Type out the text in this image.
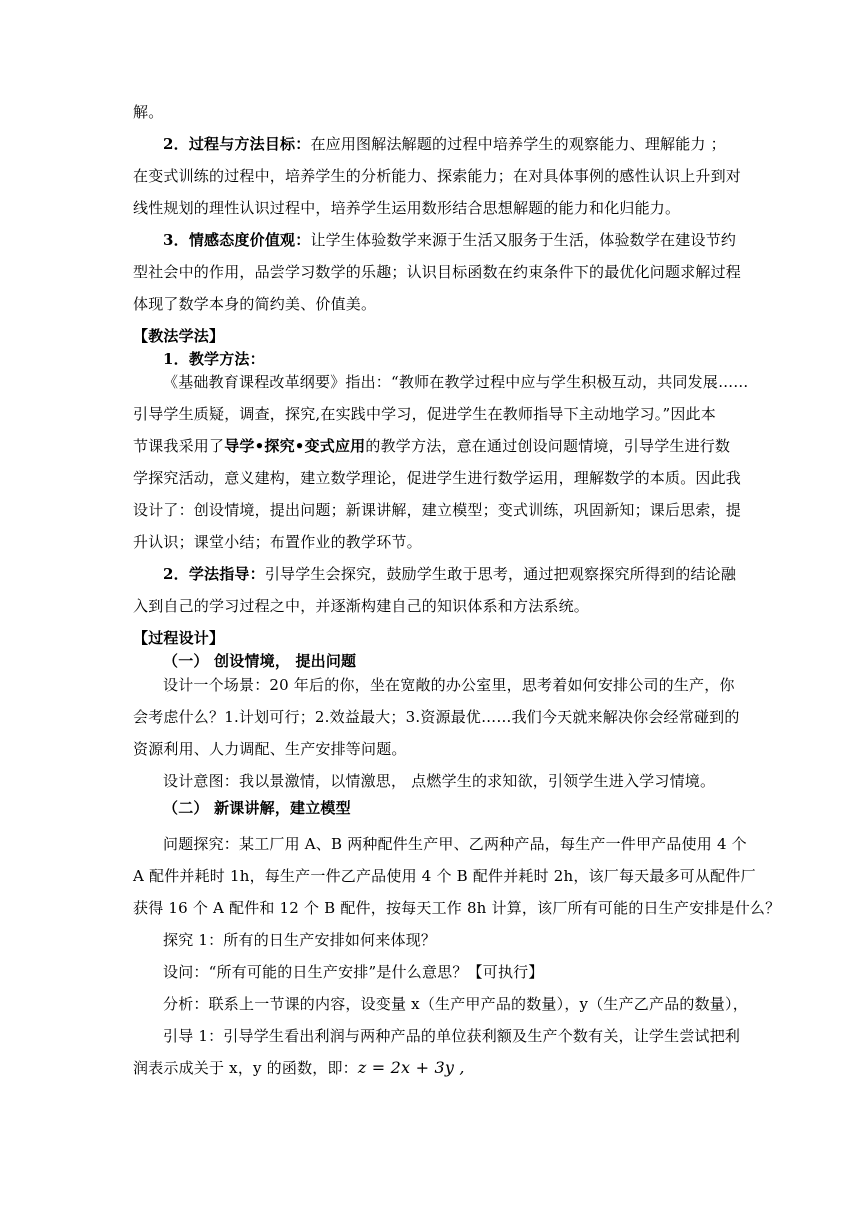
解。
2．过程与方法目标：在应用图解法解题的过程中培养学生的观察能力、理解能力 ；
在变式训练的过程中，培养学生的分析能力、探索能力；在对具体事例的感性认识上升到对
线性规划的理性认识过程中，培养学生运用数形结合思想解题的能力和化归能力。
3．情感态度价值观：让学生体验数学来源于生活又服务于生活，体验数学在建设节约
型社会中的作用，品尝学习数学的乐趣；认识目标函数在约束条件下的最优化问题求解过程
体现了数学本身的简约美、价值美。
【教法学法】
1．教学方法：
《基础教育课程改革纲要》指出：“教师在教学过程中应与学生积极互动，共同发展……
引导学生质疑，调查，探究,在实践中学习，促进学生在教师指导下主动地学习。”因此本
节课我采用了导学•探究•变式应用的教学方法，意在通过创设问题情境，引导学生进行数
学探究活动，意义建构，建立数学理论，促进学生进行数学运用，理解数学的本质。因此我
设计了：创设情境，提出问题；新课讲解，建立模型；变式训练，巩固新知；课后思索，提
升认识；课堂小结；布置作业的教学环节。
2．学法指导：引导学生会探究，鼓励学生敢于思考，通过把观察探究所得到的结论融
入到自己的学习过程之中，并逐渐构建自己的知识体系和方法系统。
【过程设计】
（一） 创设情境， 提出问题
设计一个场景：20 年后的你，坐在宽敞的办公室里，思考着如何安排公司的生产，你
会考虑什么？1.计划可行；2.效益最大；3.资源最优……我们今天就来解决你会经常碰到的
资源利用、人力调配、生产安排等问题。
设计意图：我以景激情，以情激思， 点燃学生的求知欲，引领学生进入学习情境。
（二） 新课讲解，建立模型
问题探究：某工厂用 A、B 两种配件生产甲、乙两种产品，每生产一件甲产品使用 4 个
A 配件并耗时 1h，每生产一件乙产品使用 4 个 B 配件并耗时 2h，该厂每天最多可从配件厂
获得 16 个 A 配件和 12 个 B 配件，按每天工作 8h 计算，该厂所有可能的日生产安排是什么？
探究 1：所有的日生产安排如何来体现？
设问：“所有可能的日生产安排”是什么意思？【可执行】
分析：联系上一节课的内容，设变量 x（生产甲产品的数量），y（生产乙产品的数量），
引导 1：引导学生看出利润与两种产品的单位获利额及生产个数有关，让学生尝试把利
润表示成关于 x，y 的函数，即：z = 2x + 3y ,
